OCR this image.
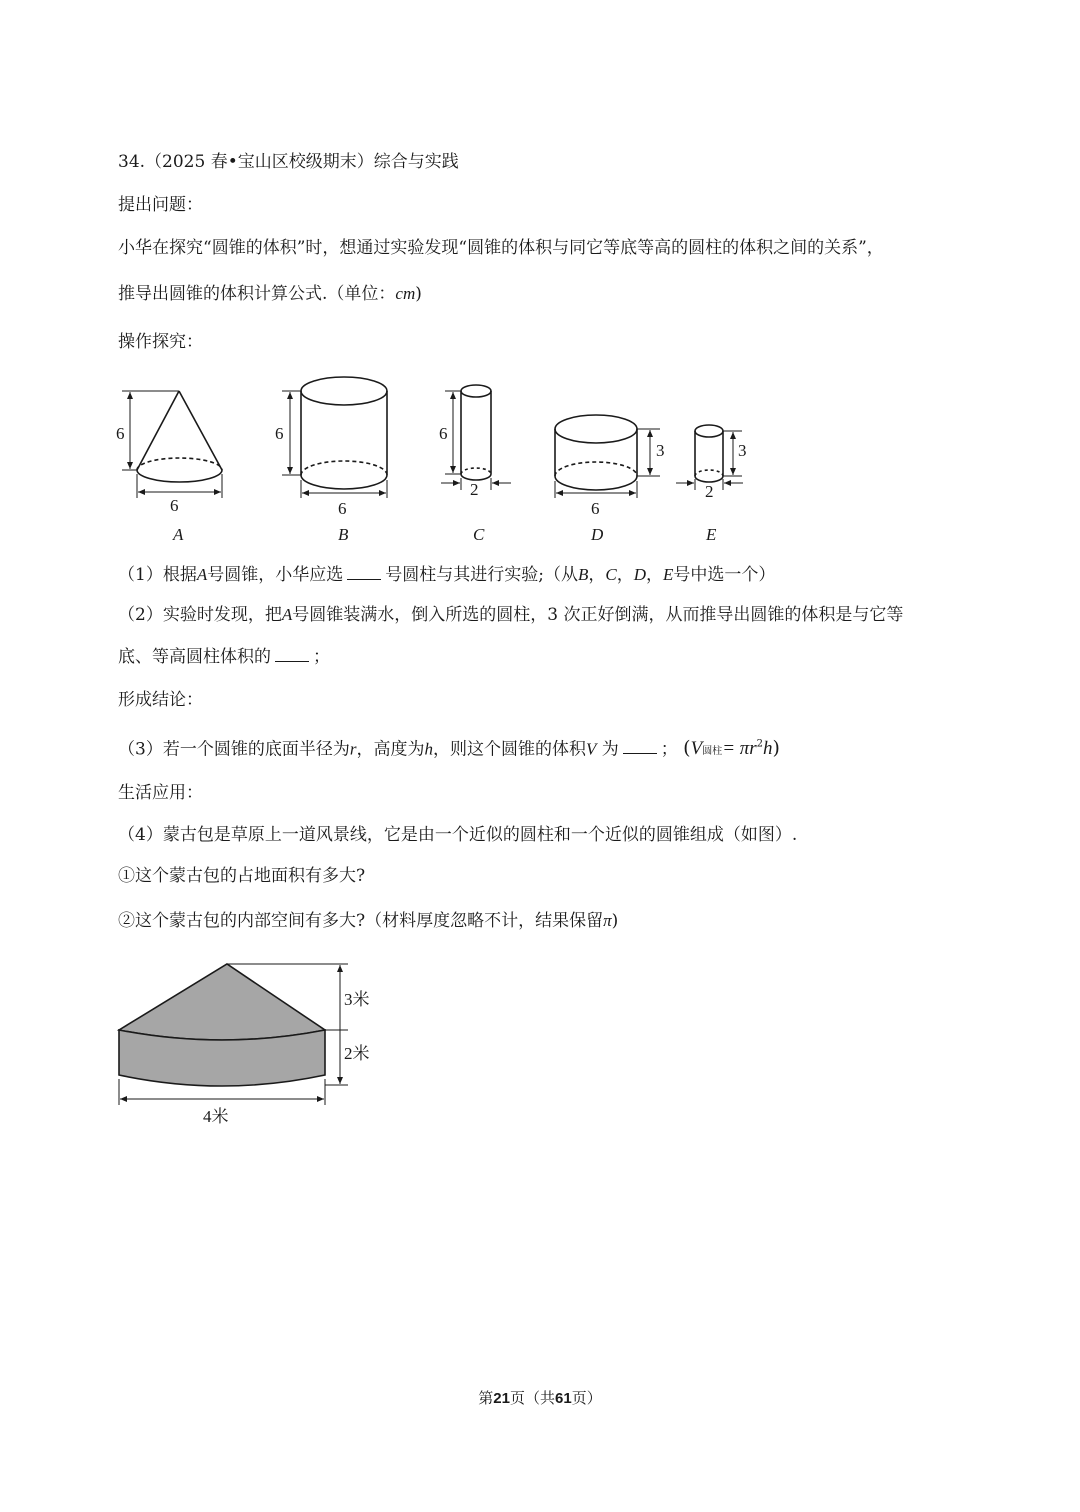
34.（2025 春•宝山区校级期末）综合与实践
提出问题：
小华在探究“圆锥的体积”时，想通过实验发现“圆锥的体积与同它等底等高的圆柱的体积之间的关系”，
推导出圆锥的体积计算公式.（单位：cm)
操作探究：
6
6
A
6
6
B
6
2
C
3
6
D
3
2
E
（1）根据A号圆锥，小华应选 号圆柱与其进行实验;（从B，C，D，E号中选一个）
（2）实验时发现，把A号圆锥装满水，倒入所选的圆柱，3 次正好倒满，从而推导出圆锥的体积是与它等
底、等高圆柱体积的 ；
形成结论：
（3）若一个圆锥的底面半径为r，高度为h，则这个圆锥的体积V 为 ； (V圆柱= $\pi r^2h$)
生活应用：
（4）蒙古包是草原上一道风景线，它是由一个近似的圆柱和一个近似的圆锥组成（如图）.
①这个蒙古包的占地面积有多大?
②这个蒙古包的内部空间有多大?（材料厚度忽略不计，结果保留π)
3米
2米
4米
第21页（共61页）
